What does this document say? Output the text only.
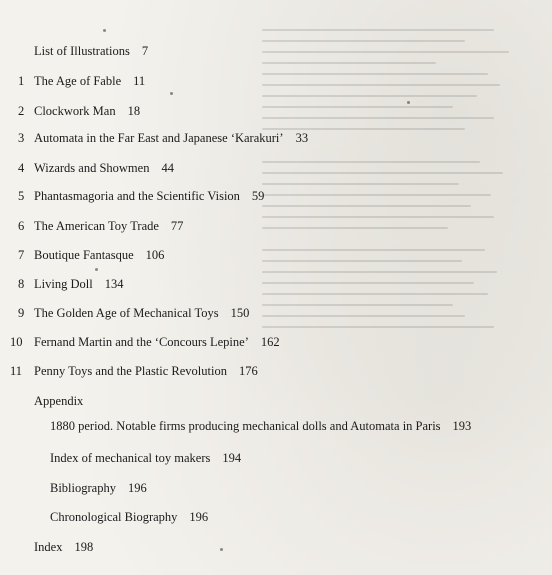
List of Illustrations 7
1 The Age of Fable 11
2 Clockwork Man 18
3 Automata in the Far East and Japanese ‘Karakuri’ 33
4 Wizards and Showmen 44
5 Phantasmagoria and the Scientific Vision 59
6 The American Toy Trade 77
7 Boutique Fantasque 106
8 Living Doll 134
9 The Golden Age of Mechanical Toys 150
10 Fernand Martin and the ‘Concours Lepine’ 162
11 Penny Toys and the Plastic Revolution 176
Appendix
1880 period. Notable firms producing mechanical dolls and Automata in Paris 193
Index of mechanical toy makers 194
Bibliography 196
Chronological Biography 196
Index 198
